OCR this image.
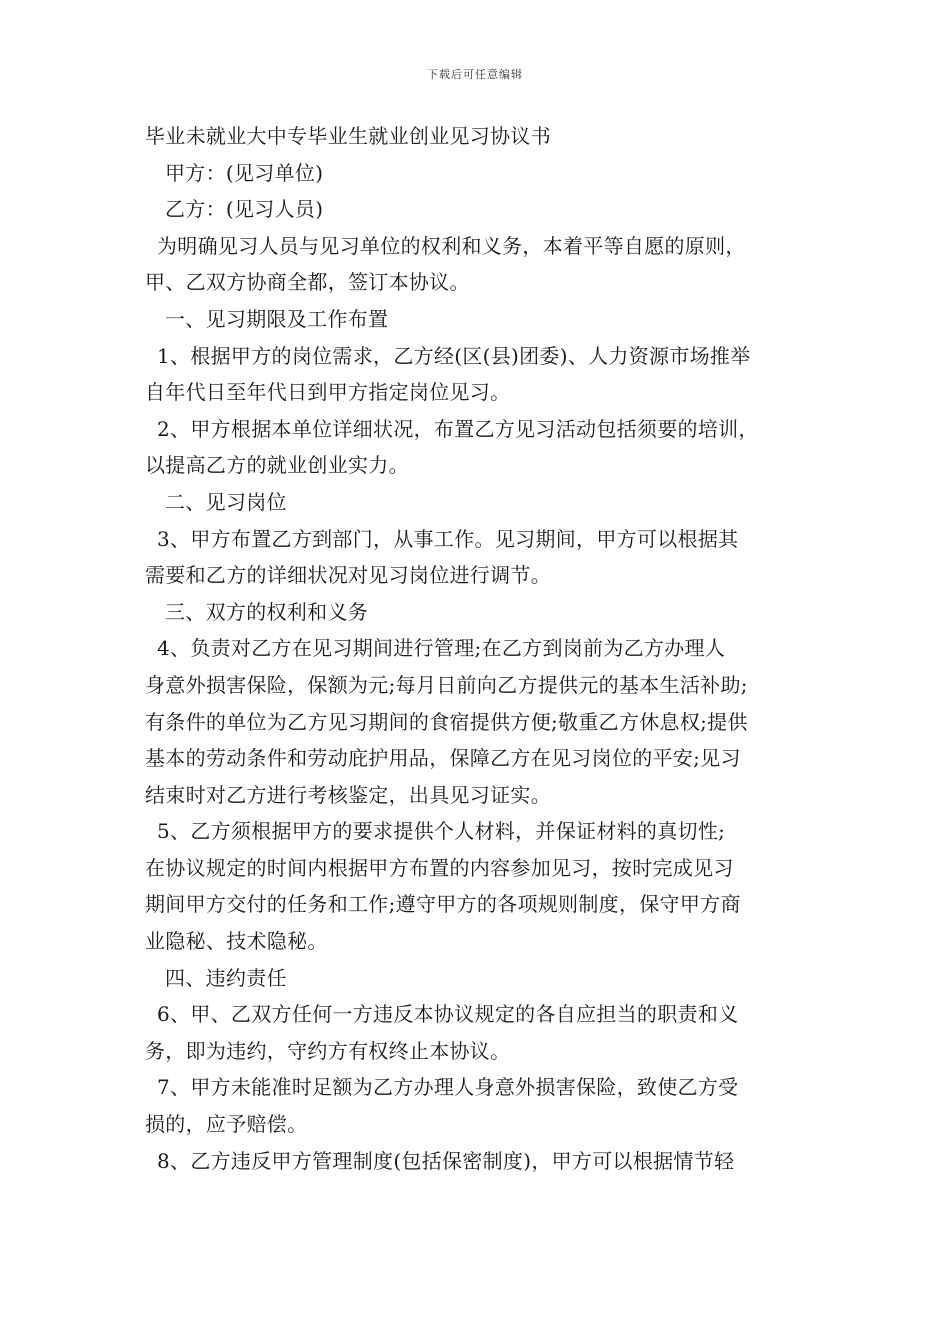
下载后可任意编辑
毕业未就业大中专毕业生就业创业见习协议书
甲方：(见习单位)
乙方：(见习人员)
为明确见习人员与见习单位的权利和义务，本着平等自愿的原则，
甲、乙双方协商全都，签订本协议。
一、见习期限及工作布置
1、根据甲方的岗位需求，乙方经(区(县)团委)、人力资源市场推举
自年代日至年代日到甲方指定岗位见习。
2、甲方根据本单位详细状况，布置乙方见习活动包括须要的培训，
以提高乙方的就业创业实力。
二、见习岗位
3、甲方布置乙方到部门，从事工作。见习期间，甲方可以根据其
需要和乙方的详细状况对见习岗位进行调节。
三、双方的权利和义务
4、负责对乙方在见习期间进行管理;在乙方到岗前为乙方办理人
身意外损害保险，保额为元;每月日前向乙方提供元的基本生活补助;
有条件的单位为乙方见习期间的食宿提供方便;敬重乙方休息权;提供
基本的劳动条件和劳动庇护用品，保障乙方在见习岗位的平安;见习
结束时对乙方进行考核鉴定，出具见习证实。
5、乙方须根据甲方的要求提供个人材料，并保证材料的真切性;
在协议规定的时间内根据甲方布置的内容参加见习，按时完成见习
期间甲方交付的任务和工作;遵守甲方的各项规则制度，保守甲方商
业隐秘、技术隐秘。
四、违约责任
6、甲、乙双方任何一方违反本协议规定的各自应担当的职责和义
务，即为违约，守约方有权终止本协议。
7、甲方未能准时足额为乙方办理人身意外损害保险，致使乙方受
损的，应予赔偿。
8、乙方违反甲方管理制度(包括保密制度)，甲方可以根据情节轻
